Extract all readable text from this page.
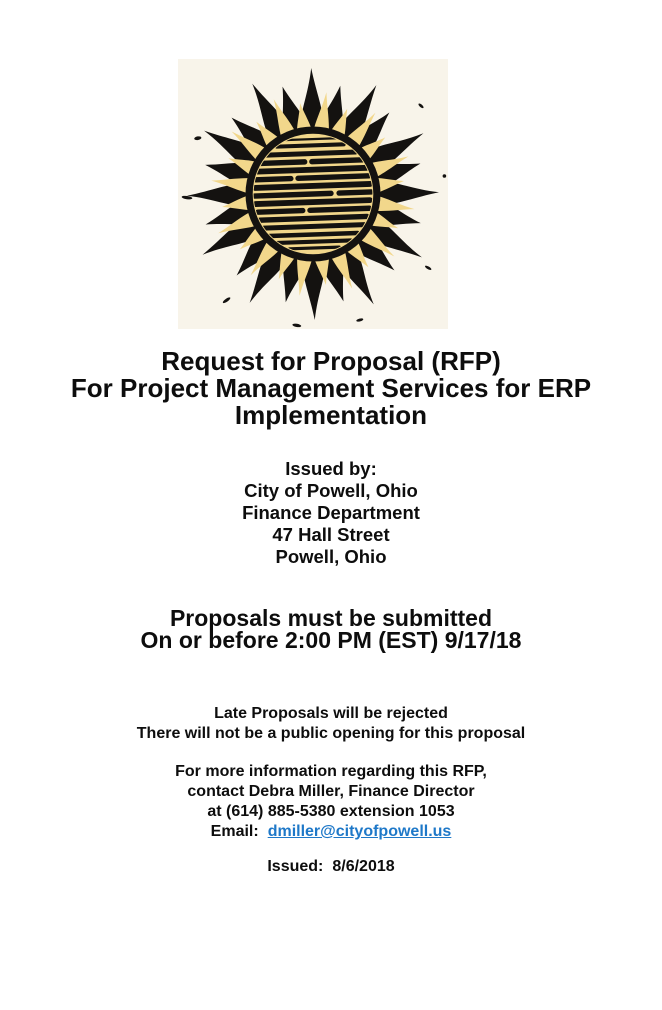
Request for Proposal (RFP)
For Project Management Services for ERP
Implementation
Issued by:
City of Powell, Ohio
Finance Department
47 Hall Street
Powell, Ohio
Proposals must be submitted
On or before 2:00 PM (EST) 9/17/18
Late Proposals will be rejected
There will not be a public opening for this proposal
For more information regarding this RFP,
contact Debra Miller, Finance Director
at (614) 885-5380 extension 1053
Email: dmiller@cityofpowell.us
Issued: 8/6/2018
